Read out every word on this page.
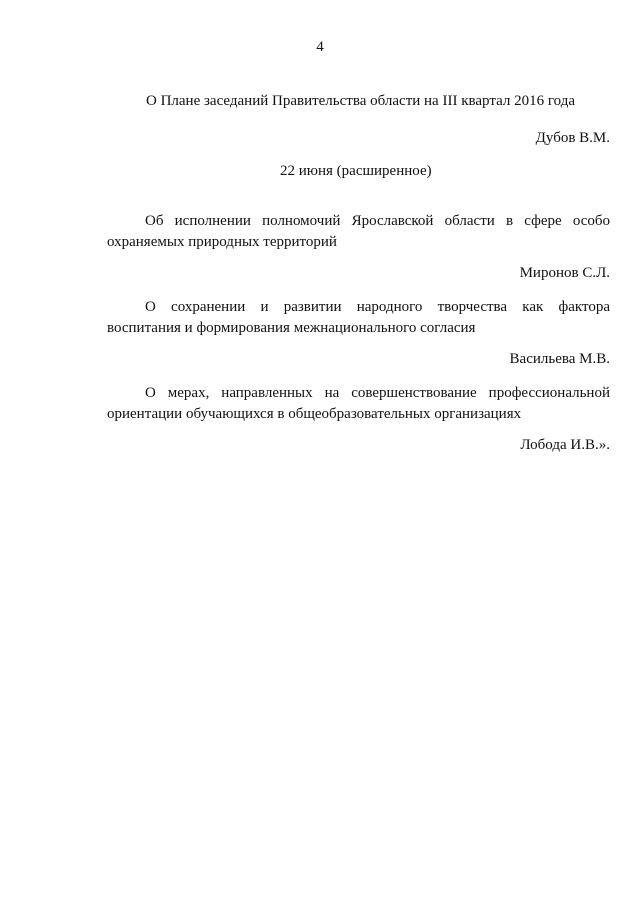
4
О Плане заседаний Правительства области на III квартал 2016 года
Дубов В.М.
22 июня (расширенное)
Об исполнении полномочий Ярославской области в сфере особо
охраняемых природных территорий
Миронов С.Л.
О сохранении и развитии народного творчества как фактора
воспитания и формирования межнационального согласия
Васильева М.В.
О мерах, направленных на совершенствование профессиональной
ориентации обучающихся в общеобразовательных организациях
Лобода И.В.».
